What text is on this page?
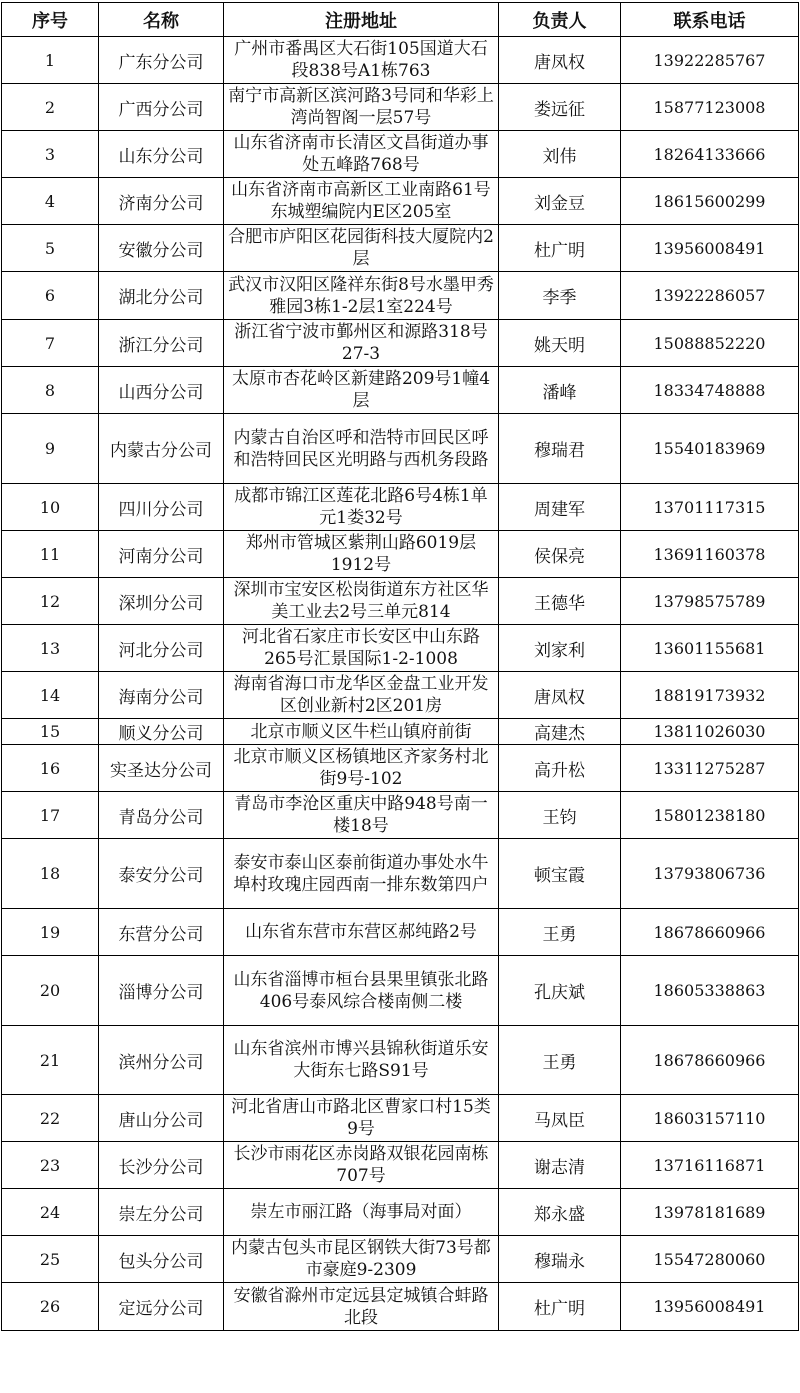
序号	名称	注册地址	负责人	联系电话
1	广东分公司	广州市番禺区大石街105国道大石段838号A1栋763	唐凤权	13922285767
2	广西分公司	南宁市高新区滨河路3号同和华彩上湾尚智阁一层57号	娄远征	15877123008
3	山东分公司	山东省济南市长清区文昌街道办事处五峰路768号	刘伟	18264133666
4	济南分公司	山东省济南市高新区工业南路61号东城塑编院内E区205室	刘金豆	18615600299
5	安徽分公司	合肥市庐阳区花园街科技大厦院内2层	杜广明	13956008491
6	湖北分公司	武汉市汉阳区隆祥东街8号水墨甲秀雅园3栋1-2层1室224号	李季	13922286057
7	浙江分公司	浙江省宁波市鄞州区和源路318号27-3	姚天明	15088852220
8	山西分公司	太原市杏花岭区新建路209号1幢4层	潘峰	18334748888
9	内蒙古分公司	内蒙古自治区呼和浩特市回民区呼和浩特回民区光明路与西机务段路	穆瑞君	15540183969
10	四川分公司	成都市锦江区莲花北路6号4栋1单元1娄32号	周建军	13701117315
11	河南分公司	郑州市管城区紫荆山路6019层1912号	侯保亮	13691160378
12	深圳分公司	深圳市宝安区松岗街道东方社区华美工业去2号三单元814	王德华	13798575789
13	河北分公司	河北省石家庄市长安区中山东路265号汇景国际1-2-1008	刘家利	13601155681
14	海南分公司	海南省海口市龙华区金盘工业开发区创业新村2区201房	唐凤权	18819173932
15	顺义分公司	北京市顺义区牛栏山镇府前街	高建杰	13811026030
16	实圣达分公司	北京市顺义区杨镇地区齐家务村北街9号-102	高升松	13311275287
17	青岛分公司	青岛市李沧区重庆中路948号南一楼18号	王钧	15801238180
18	泰安分公司	泰安市泰山区泰前街道办事处水牛埠村玫瑰庄园西南一排东数第四户	顿宝霞	13793806736
19	东营分公司	山东省东营市东营区郝纯路2号	王勇	18678660966
20	淄博分公司	山东省淄博市桓台县果里镇张北路406号泰风综合楼南侧二楼	孔庆斌	18605338863
21	滨州分公司	山东省滨州市博兴县锦秋街道乐安大街东七路S91号	王勇	18678660966
22	唐山分公司	河北省唐山市路北区曹家口村15类9号	马凤臣	18603157110
23	长沙分公司	长沙市雨花区赤岗路双银花园南栋707号	谢志清	13716116871
24	崇左分公司	崇左市丽江路（海事局对面）	郑永盛	13978181689
25	包头分公司	内蒙古包头市昆区钢铁大街73号都市豪庭9-2309	穆瑞永	15547280060
26	定远分公司	安徽省滁州市定远县定城镇合蚌路北段	杜广明	13956008491
